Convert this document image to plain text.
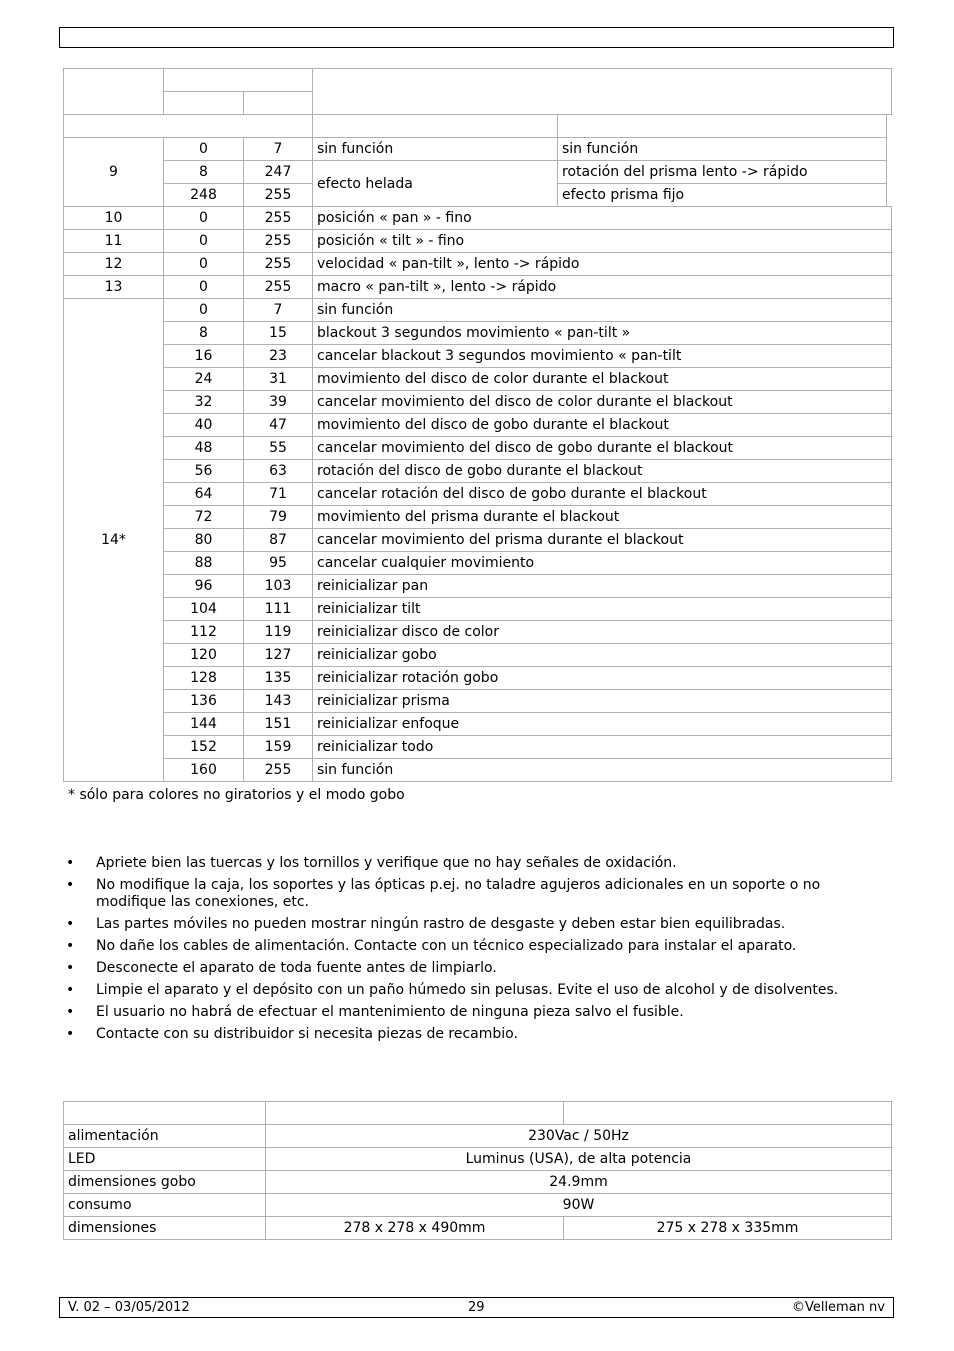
9	0	7	sin función	sin función	
	8	247	efecto helada	rotación del prisma lento -> rápido	
	248	255		efecto prisma fijo	
10	0	255	posición « pan » - fino		
11	0	255	posición « tilt » - fino		
12	0	255	velocidad « pan-tilt », lento -> rápido		
13	0	255	macro « pan-tilt », lento -> rápido		
14*	0	7	sin función		
	8	15	blackout 3 segundos movimiento « pan-tilt »		
	16	23	cancelar blackout 3 segundos movimiento « pan-tilt		
	24	31	movimiento del disco de color durante el blackout		
	32	39	cancelar movimiento del disco de color durante el blackout		
	40	47	movimiento del disco de gobo durante el blackout		
	48	55	cancelar movimiento del disco de gobo durante el blackout		
	56	63	rotación del disco de gobo durante el blackout		
	64	71	cancelar rotación del disco de gobo durante el blackout		
	72	79	movimiento del prisma durante el blackout		
	80	87	cancelar movimiento del prisma durante el blackout		
	88	95	cancelar cualquier movimiento		
	96	103	reinicializar pan		
	104	111	reinicializar tilt		
	112	119	reinicializar disco de color		
	120	127	reinicializar gobo		
	128	135	reinicializar rotación gobo		
	136	143	reinicializar prisma		
	144	151	reinicializar enfoque		
	152	159	reinicializar todo		
	160	255	sin función		
* sólo para colores no giratorios y el modo gobo
• Apriete bien las tuercas y los tornillos y verifique que no hay señales de oxidación.
• No modifique la caja, los soportes y las ópticas p.ej. no taladre agujeros adicionales en un soporte o no modifique las conexiones, etc.
• Las partes móviles no pueden mostrar ningún rastro de desgaste y deben estar bien equilibradas.
• No dañe los cables de alimentación. Contacte con un técnico especializado para instalar el aparato.
• Desconecte el aparato de toda fuente antes de limpiarlo.
• Limpie el aparato y el depósito con un paño húmedo sin pelusas. Evite el uso de alcohol y de disolventes.
• El usuario no habrá de efectuar el mantenimiento de ninguna pieza salvo el fusible.
• Contacte con su distribuidor si necesita piezas de recambio.

alimentación	230Vac / 50Hz	
LED	Luminus (USA), de alta potencia	
dimensiones gobo	24.9mm	
consumo	90W	
dimensiones	278 x 278 x 490mm	275 x 278 x 335mm
V. 02 – 03/05/2012	29	©Velleman nv
